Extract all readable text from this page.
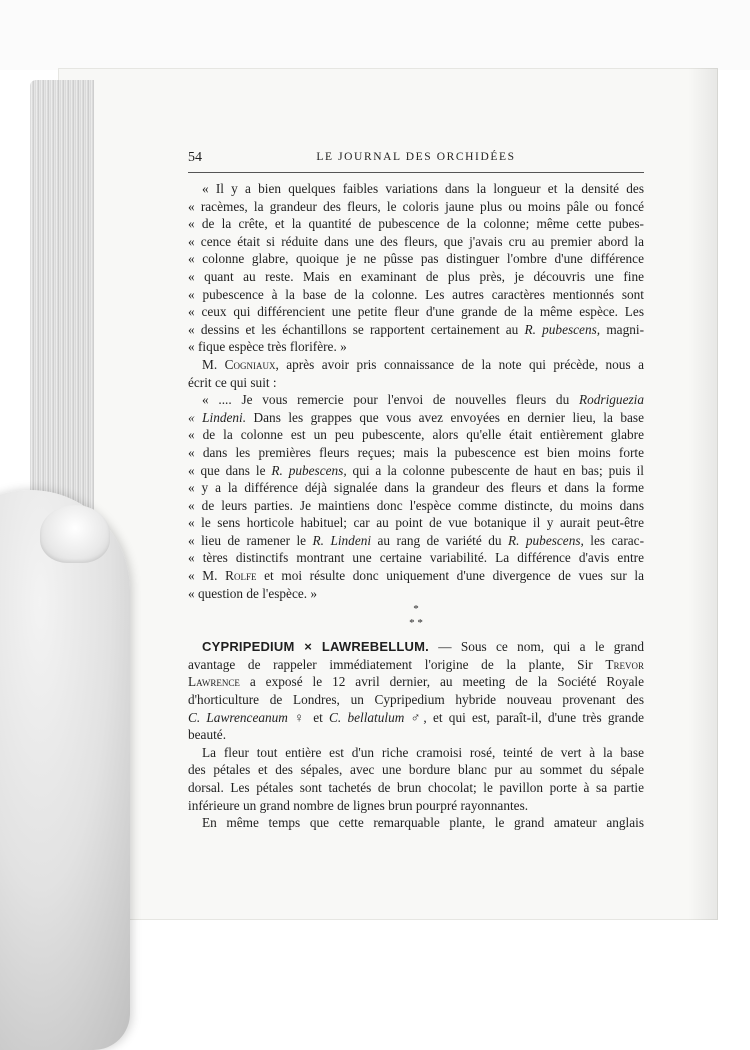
54	LE JOURNAL DES ORCHIDÉES

« Il y a bien quelques faibles variations dans la longueur et la densité des

« racèmes, la grandeur des fleurs, le coloris jaune plus ou moins pâle ou foncé

« de la crête, et la quantité de pubescence de la colonne; même cette pubes-

« cence était si réduite dans une des fleurs, que j'avais cru au premier abord la

« colonne glabre, quoique je ne pûsse pas distinguer l'ombre d'une différence

« quant au reste. Mais en examinant de plus près, je découvris une fine

« pubescence à la base de la colonne. Les autres caractères mentionnés sont

« ceux qui différencient une petite fleur d'une grande de la même espèce. Les

« dessins et les échantillons se rapportent certainement au R. pubescens, magni-

« fique espèce très florifère. »

M. Cogniaux, après avoir pris connaissance de la note qui précède, nous a

écrit ce qui suit :

« .... Je vous remercie pour l'envoi de nouvelles fleurs du Rodriguezia

« Lindeni. Dans les grappes que vous avez envoyées en dernier lieu, la base

« de la colonne est un peu pubescente, alors qu'elle était entièrement glabre

« dans les premières fleurs reçues; mais la pubescence est bien moins forte

« que dans le R. pubescens, qui a la colonne pubescente de haut en bas; puis il

« y a la différence déjà signalée dans la grandeur des fleurs et dans la forme

« de leurs parties. Je maintiens donc l'espèce comme distincte, du moins dans

« le sens horticole habituel; car au point de vue botanique il y aurait peut-être

« lieu de ramener le R. Lindeni au rang de variété du R. pubescens, les carac-

« tères distinctifs montrant une certaine variabilité. La différence d'avis entre

« M. Rolfe et moi résulte donc uniquement d'une divergence de vues sur la

« question de l'espèce. »

*
* *

CYPRIPEDIUM × LAWREBELLUM. — Sous ce nom, qui a le grand

avantage de rappeler immédiatement l'origine de la plante, Sir Trevor

Lawrence a exposé le 12 avril dernier, au meeting de la Société Royale

d'horticulture de Londres, un Cypripedium hybride nouveau provenant des

C. Lawrenceanum ♀ et C. bellatulum ♂, et qui est, paraît-il, d'une très grande

beauté.

La fleur tout entière est d'un riche cramoisi rosé, teinté de vert à la base

des pétales et des sépales, avec une bordure blanc pur au sommet du sépale

dorsal. Les pétales sont tachetés de brun chocolat; le pavillon porte à sa partie

inférieure un grand nombre de lignes brun pourpré rayonnantes.

En même temps que cette remarquable plante, le grand amateur anglais
